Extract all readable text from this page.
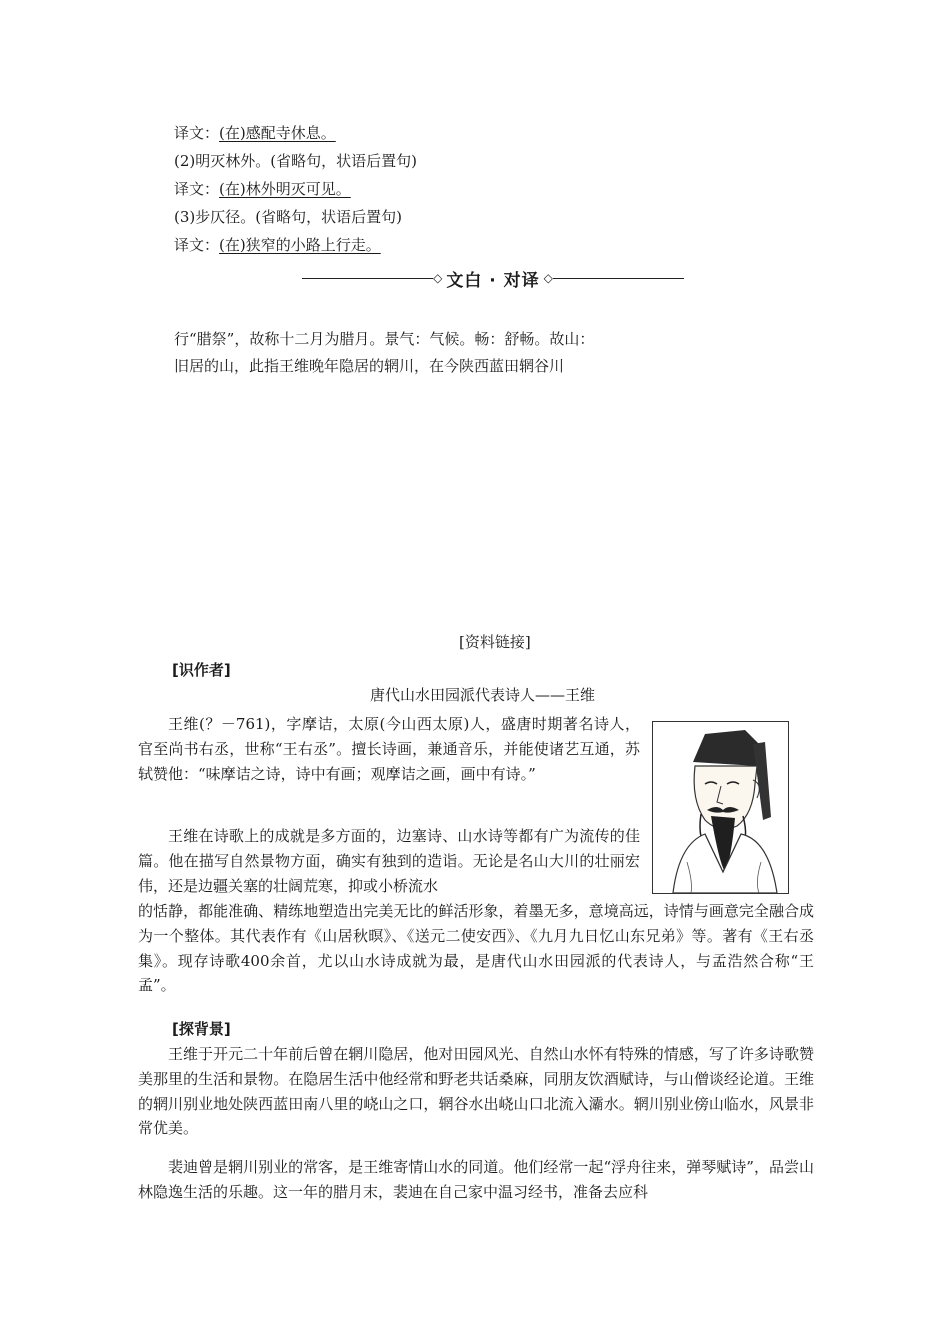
译文：(在)感配寺休息。
(2)明灭林外。(省略句，状语后置句)
译文：(在)林外明灭可见。
(3)步仄径。(省略句，状语后置句)
译文：(在)狭窄的小路上行走。
◇ 文白 · 对译 ◇
行“腊祭”，故称十二月为腊月。景气：气候。畅：舒畅。故山：
旧居的山，此指王维晚年隐居的辋川，在今陕西蓝田辋谷川
[资料链接]
[识作者]
唐代山水田园派代表诗人——王维

王维(？－761)，字摩诘，太原(今山西太原)人，盛唐时期著名诗人，官至尚书右丞，世称“王右丞”。擅长诗画，兼通音乐，并能使诸艺互通，苏轼赞他：“味摩诘之诗，诗中有画；观摩诘之画，画中有诗。”

王维在诗歌上的成就是多方面的，边塞诗、山水诗等都有广为流传的佳篇。他在描写自然景物方面，确实有独到的造诣。无论是名山大川的壮丽宏伟，还是边疆关塞的壮阔荒寒，抑或小桥流水

的恬静，都能准确、精练地塑造出完美无比的鲜活形象，着墨无多，意境高远，诗情与画意完全融合成为一个整体。其代表作有《山居秋暝》、《送元二使安西》、《九月九日忆山东兄弟》等。著有《王右丞集》。现存诗歌400余首，尤以山水诗成就为最，是唐代山水田园派的代表诗人，与孟浩然合称“王孟”。

[探背景]

王维于开元二十年前后曾在辋川隐居，他对田园风光、自然山水怀有特殊的情感，写了许多诗歌赞美那里的生活和景物。在隐居生活中他经常和野老共话桑麻，同朋友饮酒赋诗，与山僧谈经论道。王维的辋川别业地处陕西蓝田南八里的峣山之口，辋谷水出峣山口北流入灞水。辋川别业傍山临水，风景非常优美。

裴迪曾是辋川别业的常客，是王维寄情山水的同道。他们经常一起“浮舟往来，弹琴赋诗”，品尝山林隐逸生活的乐趣。这一年的腊月末，裴迪在自己家中温习经书，准备去应科
